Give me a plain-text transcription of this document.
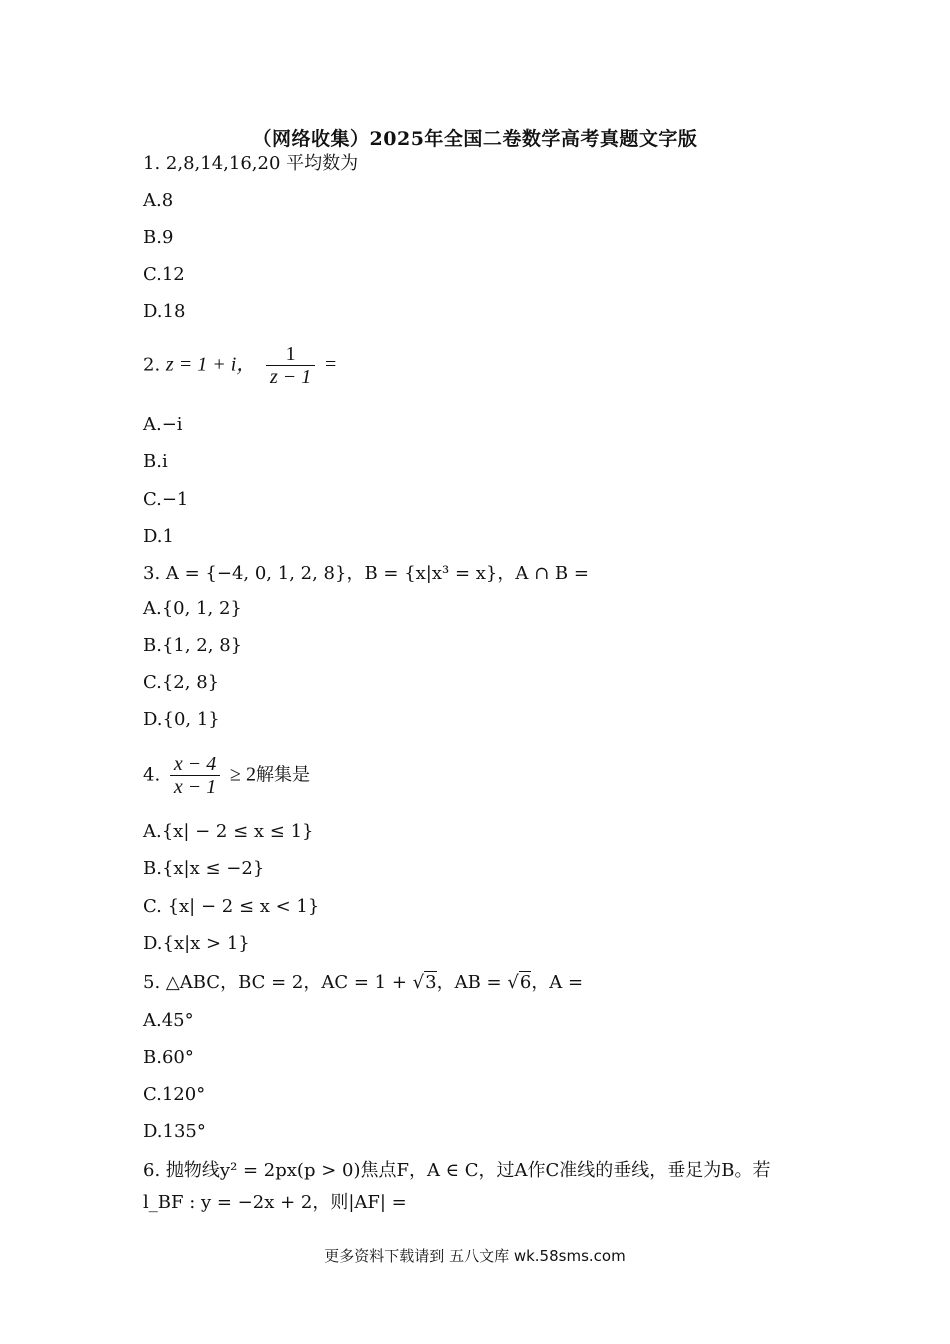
（网络收集）2025年全国二卷数学高考真题文字版
1. 2,8,14,16,20 平均数为
A.8
B.9
C.12
D.18
2. z = 1 + i， $\frac{1}{z - 1}$ =
A.−i
B.i
C.−1
D.1
3. A = {−4, 0, 1, 2, 8}，B = {x|x³ = x}，A ∩ B =
A.{0, 1, 2}
B.{1, 2, 8}
C.{2, 8}
D.{0, 1}
4. $\frac{x - 4}{x - 1} \ge 2$解集是
A.{x| − 2 ≤ x ≤ 1}
B.{x|x ≤ −2}
C. {x| − 2 ≤ x < 1}
D.{x|x > 1}
5. △ABC，BC = 2，AC = 1 + √3，AB = √6，A =
A.45°
B.60°
C.120°
D.135°
6. 抛物线y² = 2px(p > 0)焦点F，A ∈ C，过A作C准线的垂线，垂足为B。若
l_BF : y = −2x + 2，则|AF| =
更多资料下载请到 五八文库 wk.58sms.com
